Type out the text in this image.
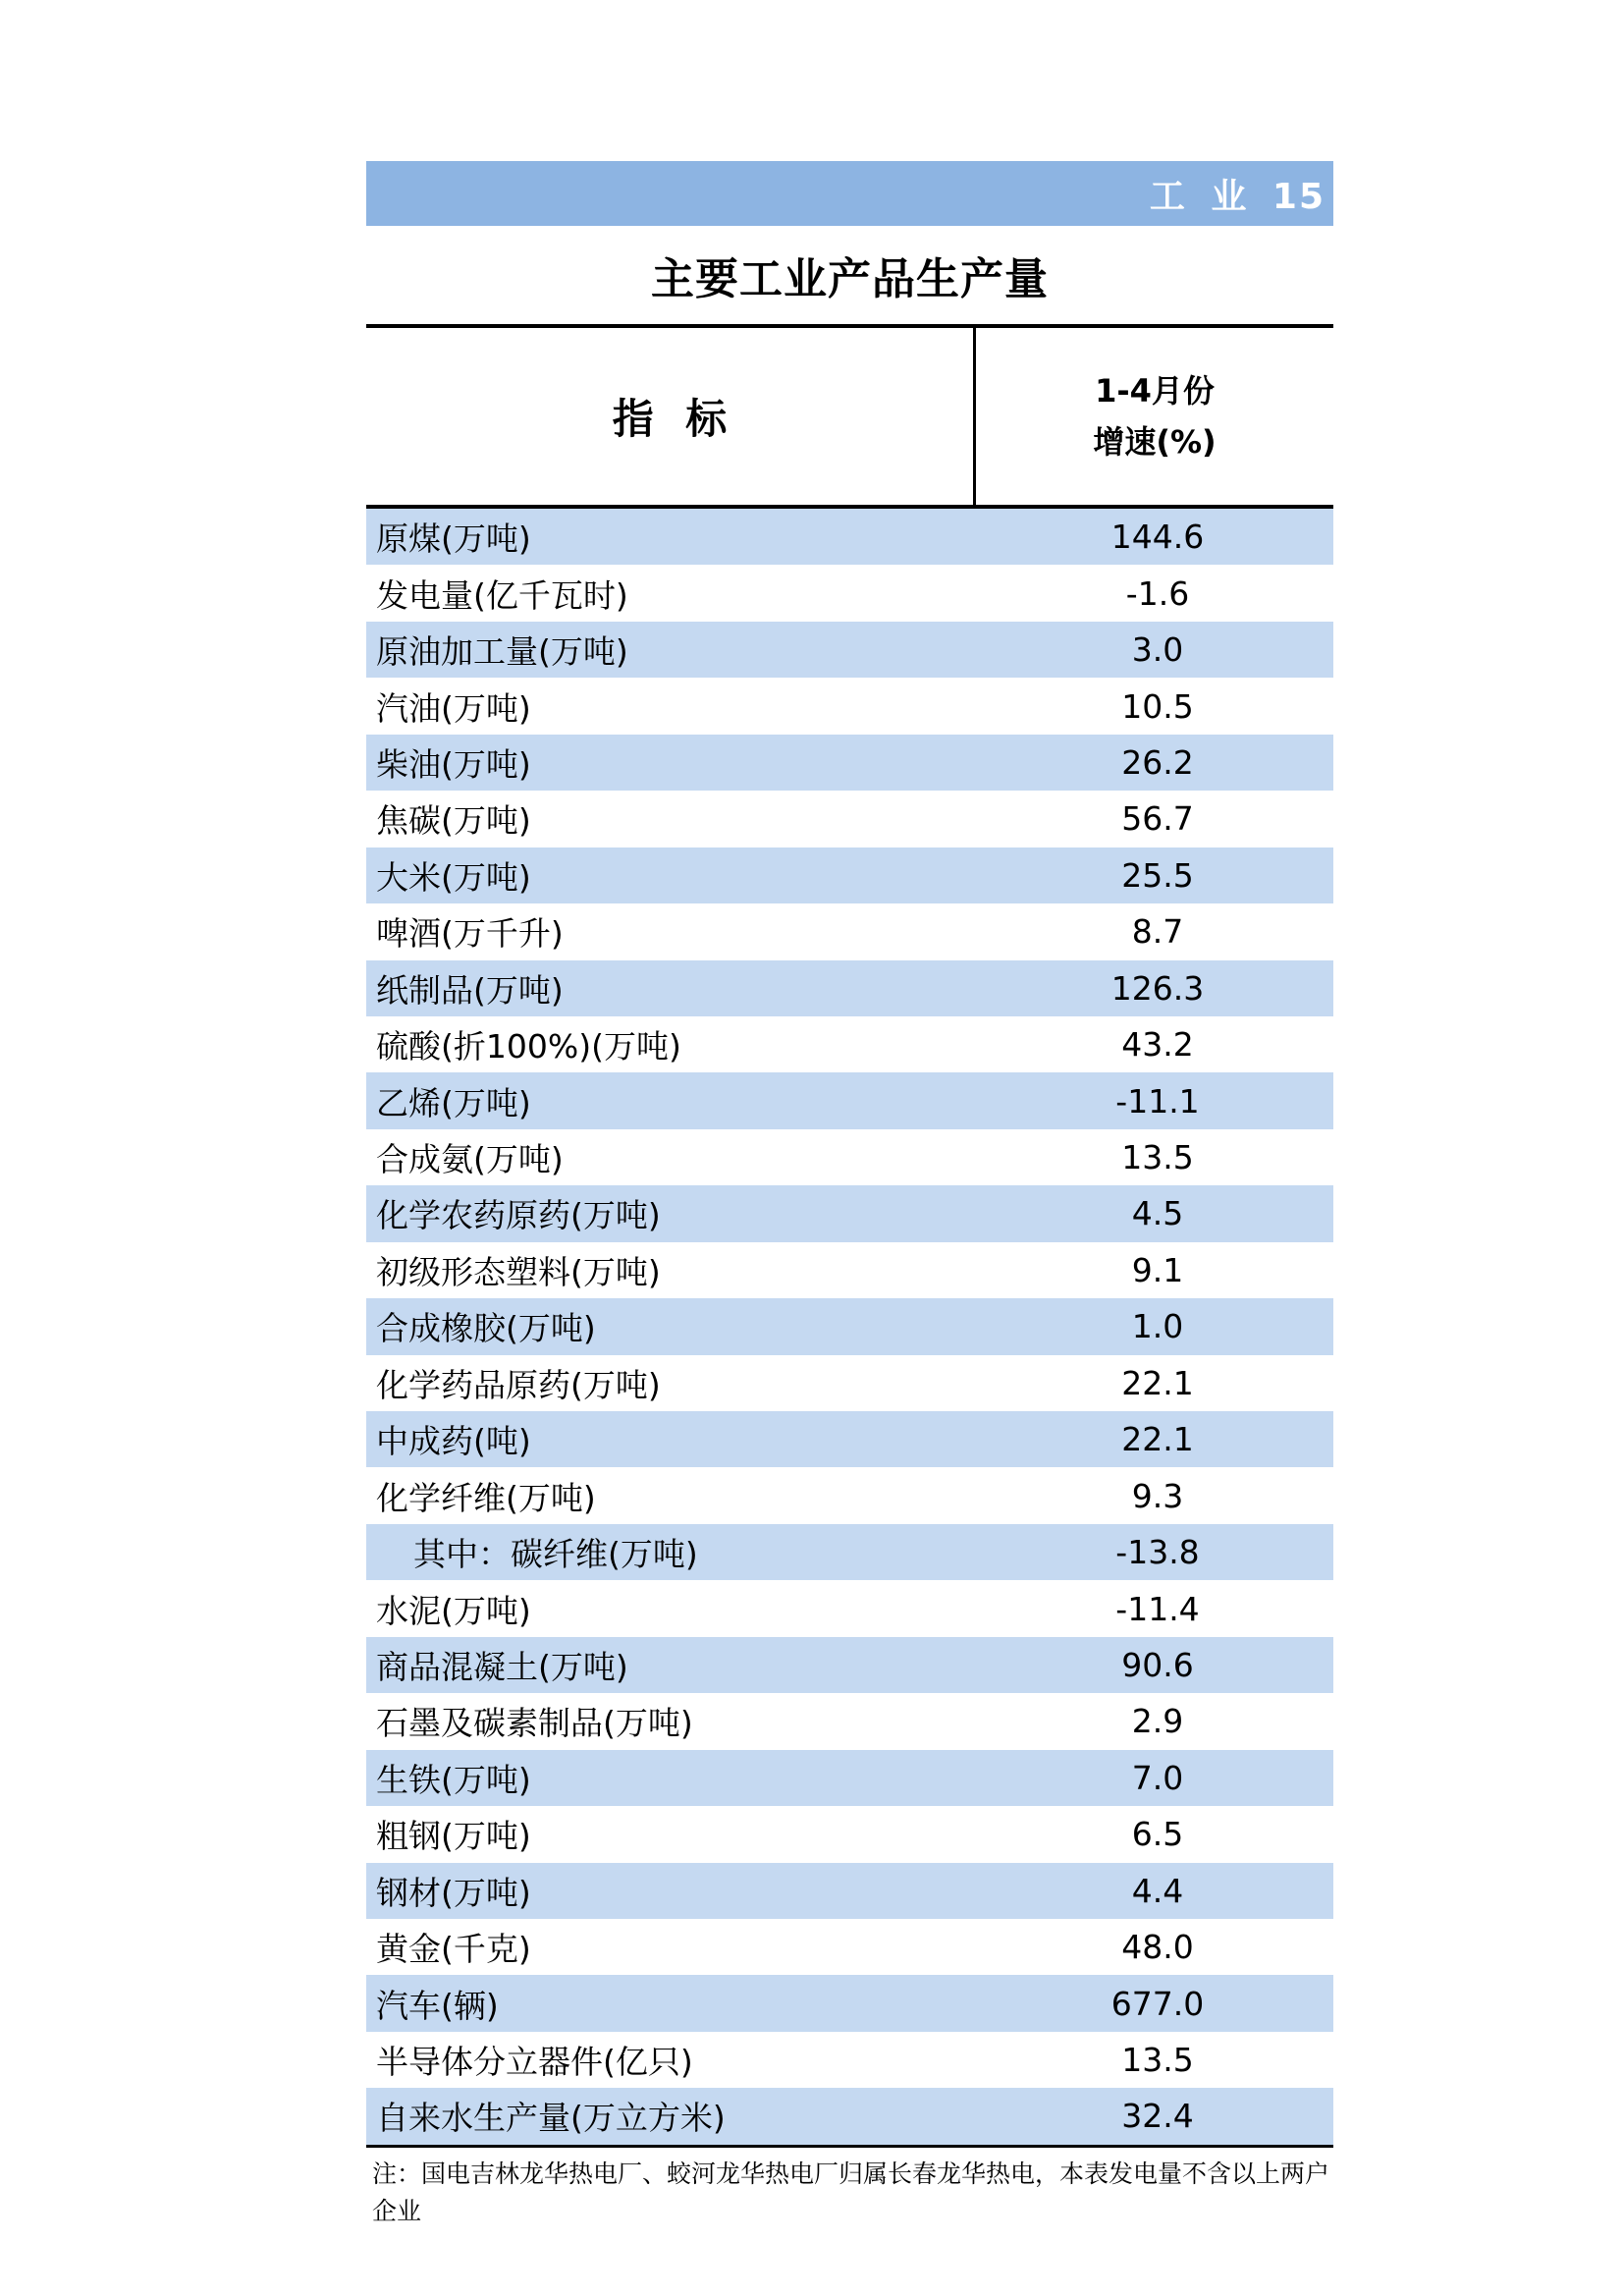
工 业 15
主要工业产品生产量
指 标
1-4月份
增速(%)
原煤(万吨)	144.6
发电量(亿千瓦时)	-1.6
原油加工量(万吨)	3.0
汽油(万吨)	10.5
柴油(万吨)	26.2
焦碳(万吨)	56.7
大米(万吨)	25.5
啤酒(万千升)	8.7
纸制品(万吨)	126.3
硫酸(折100%)(万吨)	43.2
乙烯(万吨)	-11.1
合成氨(万吨)	13.5
化学农药原药(万吨)	4.5
初级形态塑料(万吨)	9.1
合成橡胶(万吨)	1.0
化学药品原药(万吨)	22.1
中成药(吨)	22.1
化学纤维(万吨)	9.3
其中：碳纤维(万吨)	-13.8
水泥(万吨)	-11.4
商品混凝土(万吨)	90.6
石墨及碳素制品(万吨)	2.9
生铁(万吨)	7.0
粗钢(万吨)	6.5
钢材(万吨)	4.4
黄金(千克)	48.0
汽车(辆)	677.0
半导体分立器件(亿只)	13.5
自来水生产量(万立方米)	32.4
注：国电吉林龙华热电厂、蛟河龙华热电厂归属长春龙华热电，本表发电量不含以上两户企业
